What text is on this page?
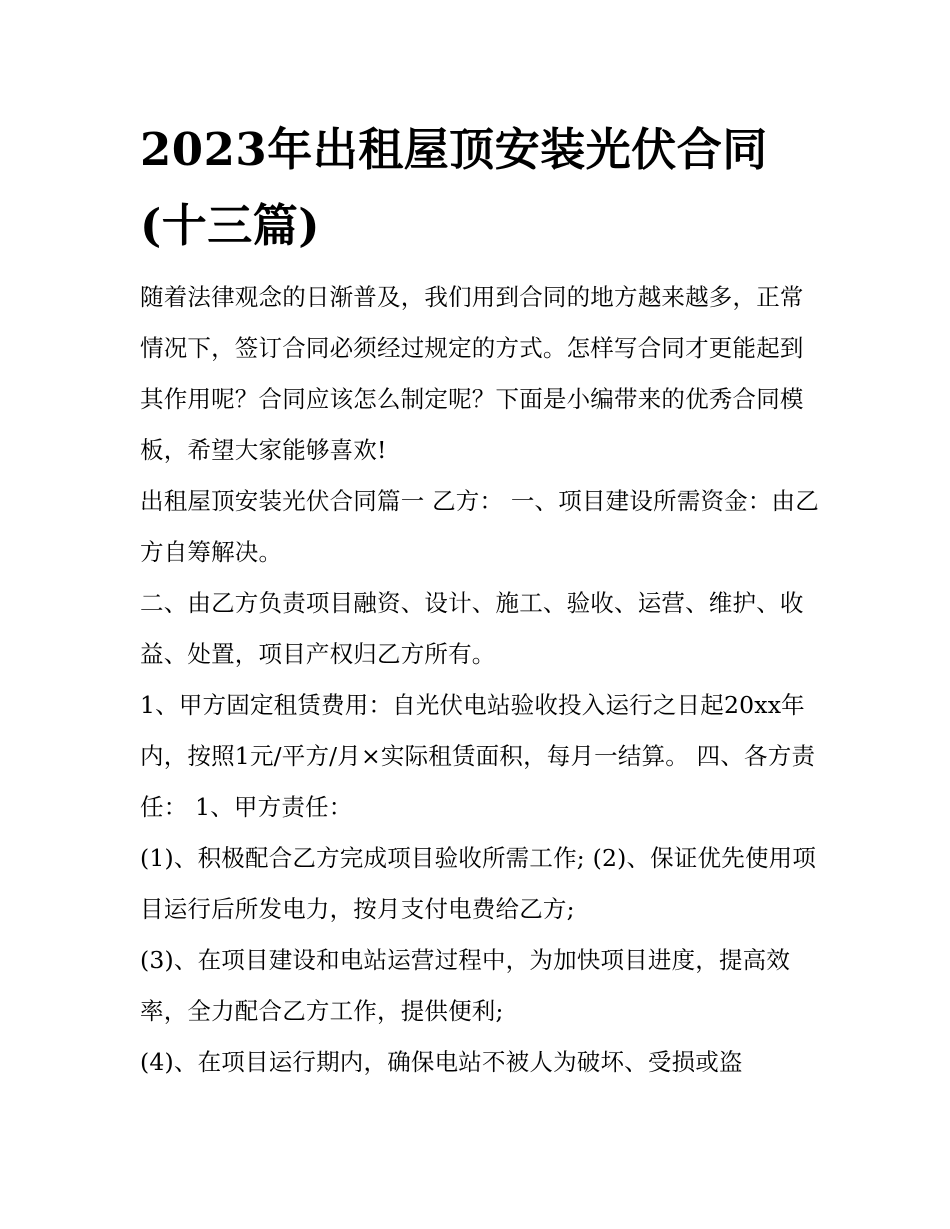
2023年出租屋顶安装光伏合同(十三篇)

随着法律观念的日渐普及，我们用到合同的地方越来越多，正常情况下，签订合同必须经过规定的方式。怎样写合同才更能起到其作用呢？合同应该怎么制定呢？下面是小编带来的优秀合同模板，希望大家能够喜欢!

出租屋顶安装光伏合同篇一 乙方： 一、项目建设所需资金：由乙方自筹解决。

二、由乙方负责项目融资、设计、施工、验收、运营、维护、收益、处置，项目产权归乙方所有。

1、甲方固定租赁费用：自光伏电站验收投入运行之日起20xx年内，按照1元/平方/月×实际租赁面积，每月一结算。 四、各方责任： 1、甲方责任：

(1)、积极配合乙方完成项目验收所需工作; (2)、保证优先使用项目运行后所发电力，按月支付电费给乙方;

(3)、在项目建设和电站运营过程中，为加快项目进度，提高效率，全力配合乙方工作，提供便利;

(4)、在项目运行期内，确保电站不被人为破坏、受损或盗
